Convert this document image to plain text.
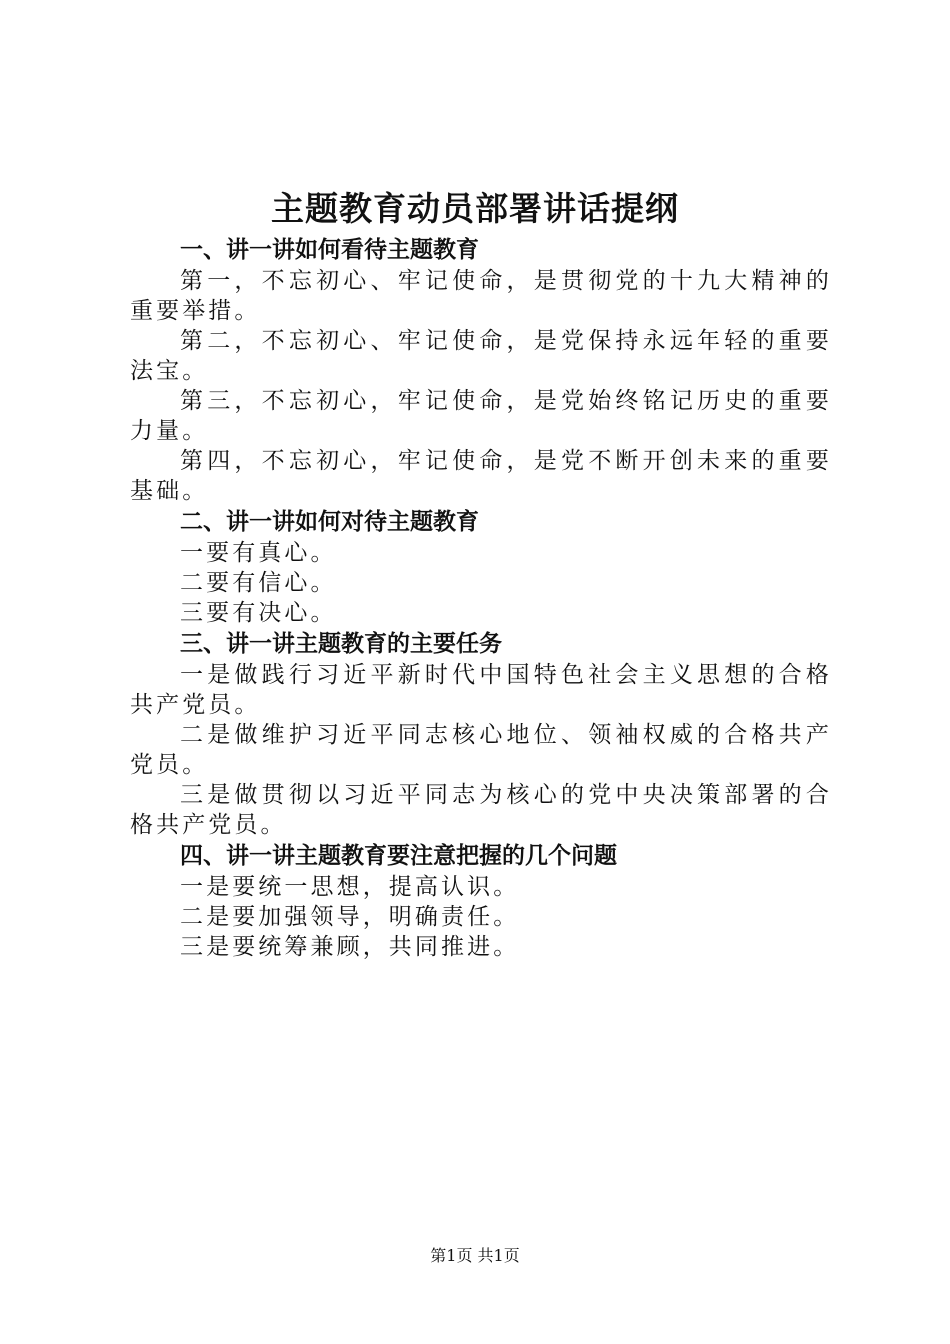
主题教育动员部署讲话提纲

一、讲一讲如何看待主题教育

第一，不忘初心、牢记使命，是贯彻党的十九大精神的重要举措。

第二，不忘初心、牢记使命，是党保持永远年轻的重要法宝。

第三，不忘初心，牢记使命，是党始终铭记历史的重要力量。

第四，不忘初心，牢记使命，是党不断开创未来的重要基础。

二、讲一讲如何对待主题教育

一要有真心。

二要有信心。

三要有决心。

三、讲一讲主题教育的主要任务

一是做践行习近平新时代中国特色社会主义思想的合格共产党员。

二是做维护习近平同志核心地位、领袖权威的合格共产党员。

三是做贯彻以习近平同志为核心的党中央决策部署的合格共产党员。

四、讲一讲主题教育要注意把握的几个问题

一是要统一思想，提高认识。

二是要加强领导，明确责任。

三是要统筹兼顾，共同推进。

第1页 共1页
